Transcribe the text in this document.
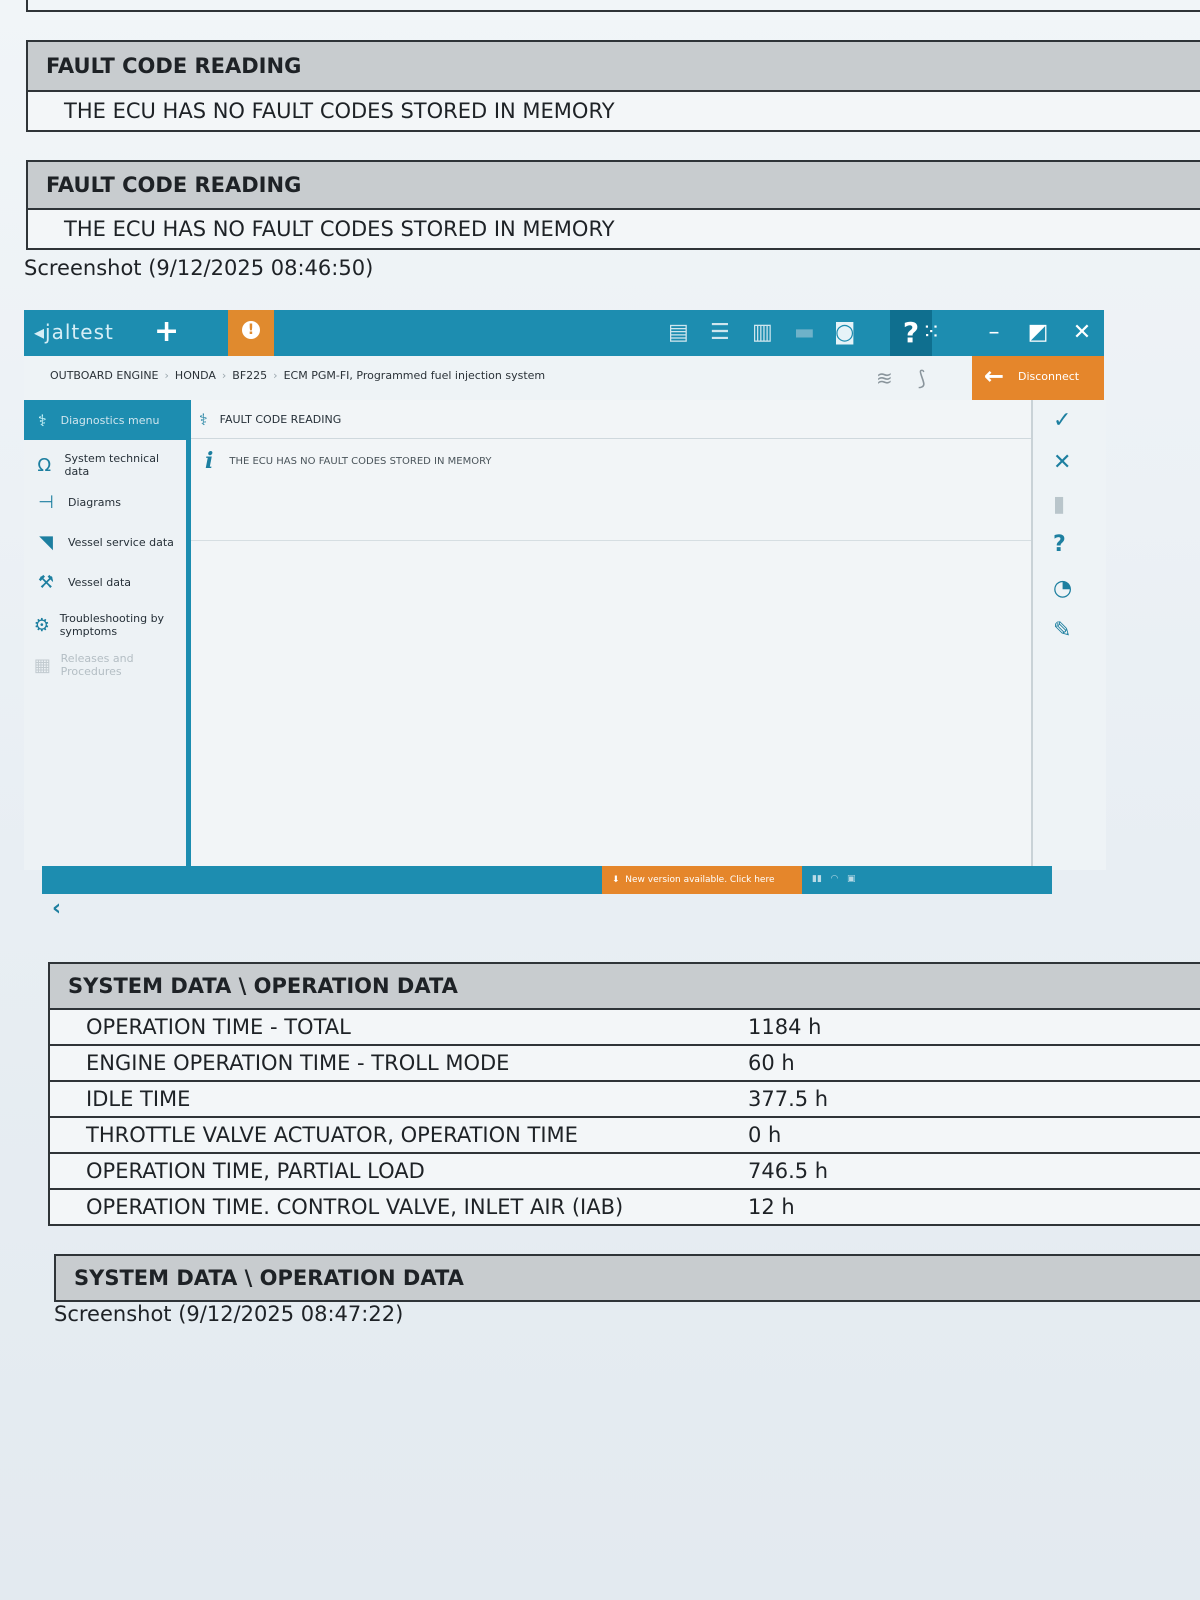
FAULT CODE READING
THE ECU HAS NO FAULT CODES STORED IN MEMORY
FAULT CODE READING
THE ECU HAS NO FAULT CODES STORED IN MEMORY
Screenshot (9/12/2025 08:46:50)
◂jaltest +	!	▤ ☰ ▥ ▬ ◙	? ⁙	– ◩ ✕
OUTBOARD ENGINE › HONDA › BF225 › ECM PGM-FI, Programmed fuel injection system	≋ ⟆ ← Disconnect
⚕ Diagnostics menu
Ω	System technical data
⊣	Diagrams
◥	Vessel service data
⚒	Vessel data
⚙ Troubleshooting by symptoms
▦ Releases and Procedures
‹
⚕ FAULT CODE READING
i THE ECU HAS NO FAULT CODES STORED IN MEMORY
✓
✕
▮
?
◔
✎
⬇ New version available. Click here	▮▮ ◠ ▣
SYSTEM DATA \ OPERATION DATA
OPERATION TIME - TOTAL	1184 h
ENGINE OPERATION TIME - TROLL MODE	60 h
IDLE TIME	377.5 h
THROTTLE VALVE ACTUATOR, OPERATION TIME	0 h
OPERATION TIME, PARTIAL LOAD	746.5 h
OPERATION TIME. CONTROL VALVE, INLET AIR (IAB)	12 h
SYSTEM DATA \ OPERATION DATA
Screenshot (9/12/2025 08:47:22)
